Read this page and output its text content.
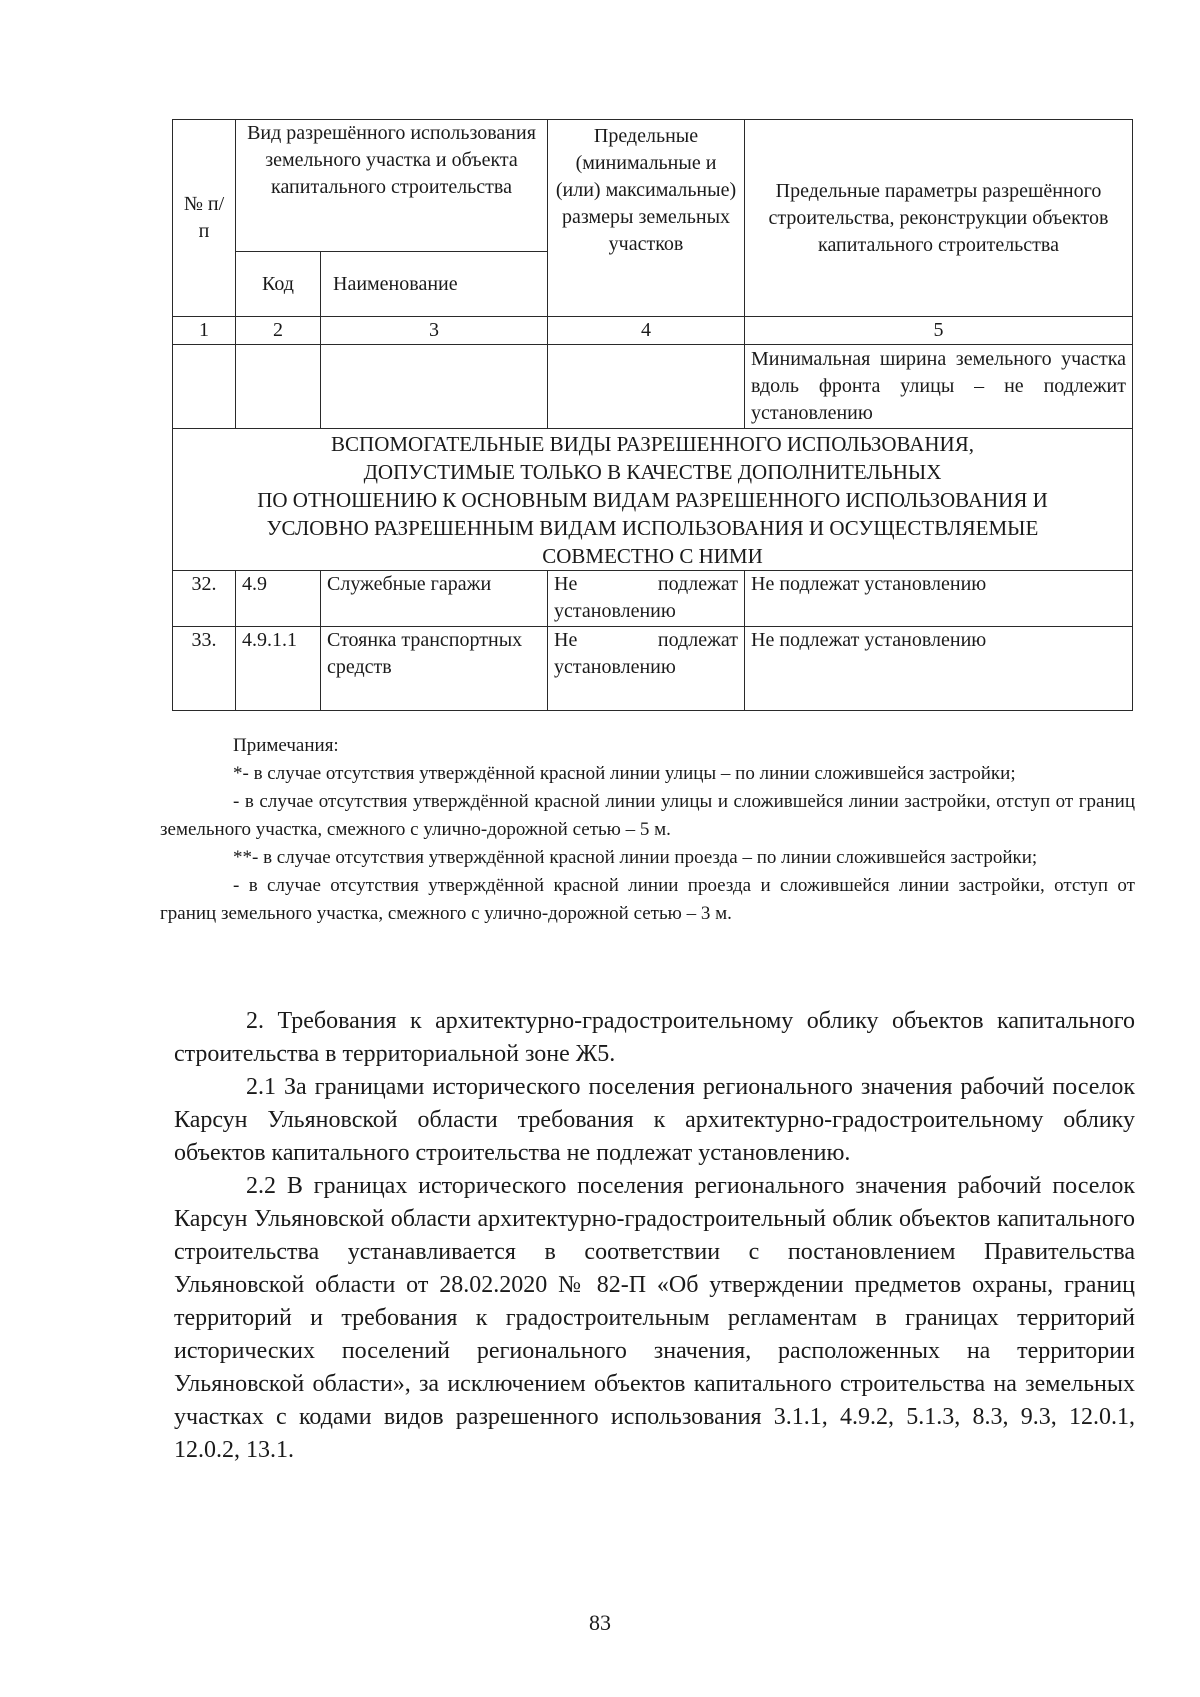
№ п/п	Вид разрешённого использования земельного участка и объекта капитального строительства		Предельные (минимальные и (или) максимальные) размеры земельных участков	Предельные параметры разрешённого строительства, реконструкции объектов капитального строительства
	Код	Наименование		
1	2	3	4	5
				Минимальная ширина земельного участка вдоль фронта улицы – не подлежит установлению

ВСПОМОГАТЕЛЬНЫЕ ВИДЫ РАЗРЕШЕННОГО ИСПОЛЬЗОВАНИЯ,
ДОПУСТИМЫЕ ТОЛЬКО В КАЧЕСТВЕ ДОПОЛНИТЕЛЬНЫХ
ПО ОТНОШЕНИЮ К ОСНОВНЫМ ВИДАМ РАЗРЕШЕННОГО ИСПОЛЬЗОВАНИЯ И
УСЛОВНО РАЗРЕШЕННЫМ ВИДАМ ИСПОЛЬЗОВАНИЯ И ОСУЩЕСТВЛЯЕМЫЕ
СОВМЕСТНО С НИМИ				

32.	4.9	Служебные гаражи	Не подлежат установлению	Не подлежат установлению
33.	4.9.1.1	Стоянка транспортных средств	Не подлежат установлению	Не подлежат установлению

Примечания:

*- в случае отсутствия утверждённой красной линии улицы – по линии сложившейся застройки;

- в случае отсутствия утверждённой красной линии улицы и сложившейся линии застройки, отступ от границ земельного участка, смежного с улично-дорожной сетью – 5 м.

**- в случае отсутствия утверждённой красной линии проезда – по линии сложившейся застройки;

- в случае отсутствия утверждённой красной линии проезда и сложившейся линии застройки, отступ от границ земельного участка, смежного с улично-дорожной сетью – 3 м.

2. Требования к архитектурно-градостроительному облику объектов капитального строительства в территориальной зоне Ж5.

2.1 За границами исторического поселения регионального значения рабочий поселок Карсун Ульяновской области требования к архитектурно-градостроительному облику объектов капитального строительства не подлежат установлению.

2.2 В границах исторического поселения регионального значения рабочий поселок Карсун Ульяновской области архитектурно-градостроительный облик объектов капитального строительства устанавливается в соответствии с постановлением Правительства Ульяновской области от 28.02.2020 № 82-П «Об утверждении предметов охраны, границ территорий и требования к градостроительным регламентам в границах территорий исторических поселений регионального значения, расположенных на территории Ульяновской области», за исключением объектов капитального строительства на земельных участках с кодами видов разрешенного использования 3.1.1, 4.9.2, 5.1.3, 8.3, 9.3, 12.0.1, 12.0.2, 13.1.

83
